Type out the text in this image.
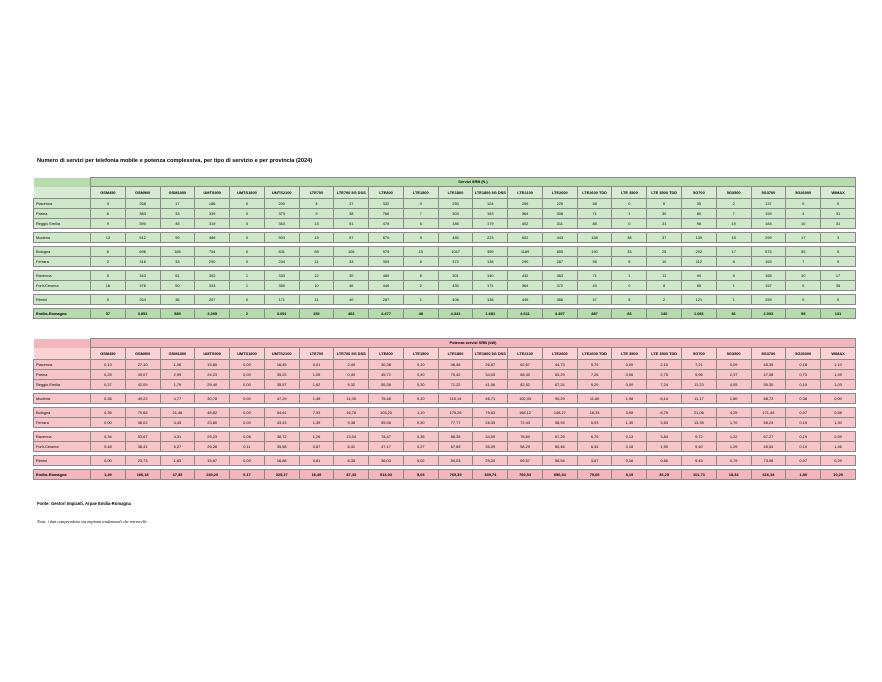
Numero di servizi per telefonia mobile e potenza complessiva, per tipo di servizio e per provincia (2024)
	Servizi SRB (N.)																					
	GSM450	GSM900	GSM1800	UMTS900	UMTS1800	UMTS2100	LTE700	LTE700 5G DSS	LTE800	LTE1500	LTE1800	LTE1800 5G DSS	LTE2100	LTE2600	LTE2600 TDD	LTE 3500	LTE 3500 TDD	5G700	5G3500	5G3700	5G26000	WIMAX
Piacenza	4	268	17	186	0	200	4	37	332	0	250	124	259	225	58	0	6	35	2	137	0	0
Parma	6	383	33	339	0	373	9	38	766	7	303	163	364	308	71	1	30	80	7	159	4	31
Reggio Emilia	9	390	45	319	0	363	13	51	476	6	186	179	402	311	88	0	31	96	19	184	10	31

Modena	13	512	99	486	0	503	13	57	670	5	480	223	602	443	158	38	37	135	15	299	17	3

Bologna	6	696	165	754	0	631	89	106	975	15	1047	359	1189	805	190	33	25	202	17	575	55	5
Ferrara	2	316	33	290	0	234	11	33	305	6	372	136	290	287	55	5	10	112	8	163	7	9

Ravenna	5	343	61	302	1	333	12	30	480	6	301	140	432	363	71	1	11	94	6	165	10	17
Forlì-Cesena	16	376	50	333	1	350	10	46	446	2	430	171	364	372	43	0	8	65	1	157	0	35

Rimini	0	264	36	267	0	171	11	40	287	1	406	136	449	366	47	5	2	121	1	259	0	0

Emilia-Romagna	57	3.851	589	3.265	2	3.091	152	463	4.477	48	4.341	1.681	4.611	3.497	887	83	140	1.081	81	2.093	95	131
	Potenza servizi SRB (kW)																					
	GSM450	GSM900	GSM1800	UMTS900	UMTS1800	UMTS2100	LTE700	LTE700 5G DSS	LTE800	LTE1500	LTE1800	LTE1800 5G DSS	LTE2100	LTE2600	LTE2600 TDD	LTE 3500	LTE 3500 TDD	5G700	5G3500	5G3700	5G26000	WIMAX
Piacenza	0,13	27,10	1,06	15,65	0,00	16,45	0,01	2,49	30,38	0,10	46,45	26,67	62,67	44,73	5,79	0,00	2,10	7,21	0,09	45,35	0,18	1,10
Parma	0,25	40,07	2,99	24,23	0,00	35,23	1,05	0,49	45,72	0,40	75,42	34,03	68,40	63,29	7,26	0,06	2,75	9,96	2,37	47,58	0,73	1,49
Reggio Emilia	0,37	42,09	1,79	29,40	0,00	35,57	1,62	9,32	55,38	0,30	71,22	41,06	82,52	67,24	9,29	0,00	7,24	11,23	4,05	55,30	0,19	1,03

Modena	0,35	49,22	4,77	30,78	0,00	47,29	1,45	11,05	75,48	0,10	115,14	46,71	102,43	90,29	11,60	1,98	8,14	11,17	1,80	88,72	0,36	0,00

Bologna	0,35	79,65	21,48	48,82	0,00	54,61	7,93	16,78	103,23	1,10	175,26	79,63	168,12	148,27	18,33	3,98	8,79	21,06	4,25	171,45	0,07	0,58
Ferrara	0,00	46,02	4,45	23,80	0,00	43,43	1,39	9,38	55,98	0,30	77,77	28,33	72,43	58,93	5,93	1,30	3,63	13,35	1,70	58,24	0,15	1,30

Ravenna	0,34	53,67	4,31	29,23	0,06	38,72	1,26	13,04	78,47	0,35	88,39	34,09	78,60	67,29	6,75	0,13	3,84	9,72	1,22	67,27	0,19	2,59
Forlì-Cesena	0,48	38,41	6,27	26,28	0,11	35,58	0,87	6,41	47,17	0,27	67,89	35,09	58,29	60,46	6,34	0,18	1,90	9,40	1,29	45,54	0,10	1,46

Rimini	0,00	23,73	1,83	15,87	0,00	16,88	0,81	8,35	36,03	0,02	59,03	29,20	69,57	58,54	3,87	0,16	0,86	9,43	0,75	73,06	0,07	0,29

Emilia-Romagna	1,49	166,18	47,35	239,20	0,17	325,27	16,49	87,43	513,03	5,03	765,39	349,74	760,54	656,34	79,65	8,19	36,25	101,73	18,34	616,18	1,80	10,29
Fonte: Gestori Impianti, Arpae Emilia-Romagna
Nota: i dati comprendono sia impianti tradizionali che microcelle
